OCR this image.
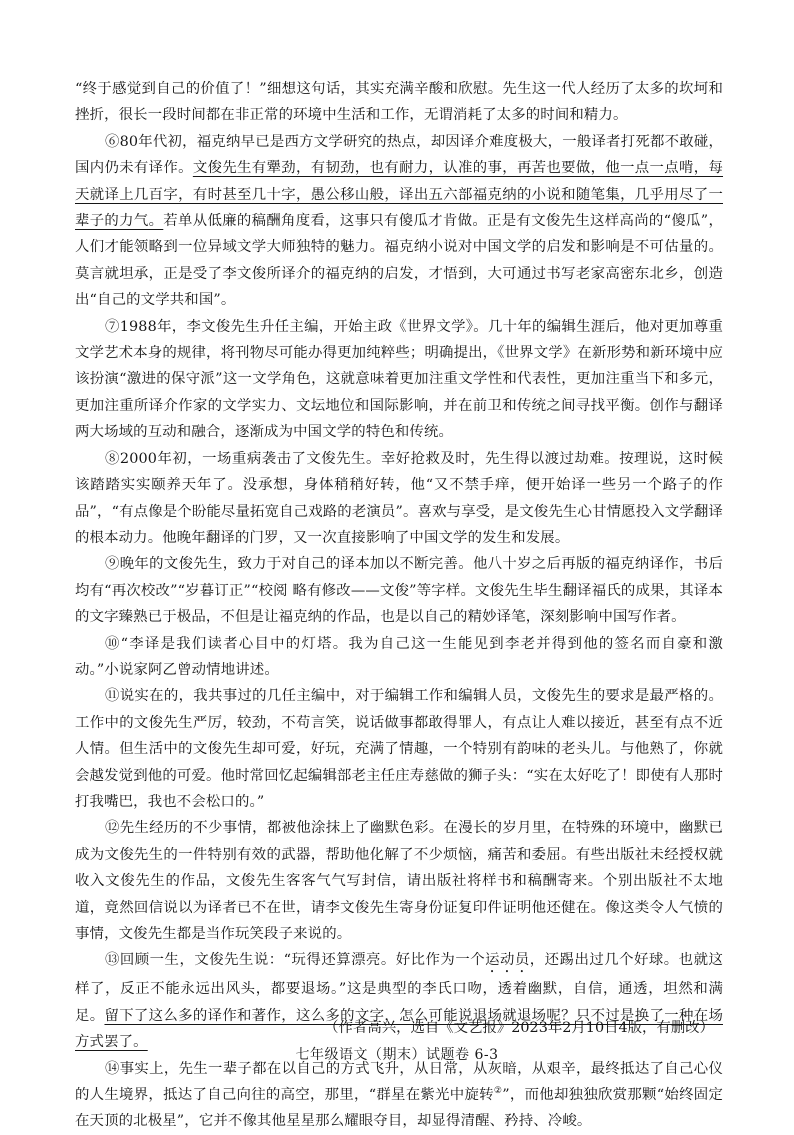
“终于感觉到自己的价值了！”细想这句话，其实充满辛酸和欣慰。先生这一代人经历了太多的坎坷和挫折，很长一段时间都在非正常的环境中生活和工作，无谓消耗了太多的时间和精力。

⑥80年代初，福克纳早已是西方文学研究的热点，却因译介难度极大，一般译者打死都不敢碰，国内仍未有译作。文俊先生有犟劲，有韧劲，也有耐力，认准的事，再苦也要做，他一点一点啃，每天就译上几百字，有时甚至几十字，愚公移山般，译出五六部福克纳的小说和随笔集，几乎用尽了一辈子的力气。若单从低廉的稿酬角度看，这事只有傻瓜才肯做。正是有文俊先生这样高尚的“傻瓜”，人们才能领略到一位异域文学大师独特的魅力。福克纳小说对中国文学的启发和影响是不可估量的。莫言就坦承，正是受了李文俊所译介的福克纳的启发，才悟到，大可通过书写老家高密东北乡，创造出“自己的文学共和国”。

⑦1988年，李文俊先生升任主编，开始主政《世界文学》。几十年的编辑生涯后，他对更加尊重文学艺术本身的规律，将刊物尽可能办得更加纯粹些；明确提出，《世界文学》在新形势和新环境中应该扮演“激进的保守派”这一文学角色，这就意味着更加注重文学性和代表性，更加注重当下和多元，更加注重所译介作家的文学实力、文坛地位和国际影响，并在前卫和传统之间寻找平衡。创作与翻译两大场域的互动和融合，逐渐成为中国文学的特色和传统。

⑧2000年初，一场重病袭击了文俊先生。幸好抢救及时，先生得以渡过劫难。按理说，这时候该踏踏实实颐养天年了。没承想，身体稍稍好转，他“又不禁手痒，便开始译一些另一个路子的作品”，“有点像是个盼能尽量拓宽自己戏路的老演员”。喜欢与享受，是文俊先生心甘情愿投入文学翻译的根本动力。他晚年翻译的门罗，又一次直接影响了中国文学的发生和发展。

⑨晚年的文俊先生，致力于对自己的译本加以不断完善。他八十岁之后再版的福克纳译作，书后均有“再次校改”“岁暮订正”“校阅 略有修改——文俊”等字样。文俊先生毕生翻译福氏的成果，其译本的文字臻熟已于极品，不但是让福克纳的作品，也是以自己的精妙译笔，深刻影响中国写作者。

⑩“李译是我们读者心目中的灯塔。我为自己这一生能见到李老并得到他的签名而自豪和激动。”小说家阿乙曾动情地讲述。

⑪说实在的，我共事过的几任主编中，对于编辑工作和编辑人员，文俊先生的要求是最严格的。工作中的文俊先生严厉，较劲，不苟言笑，说话做事都敢得罪人，有点让人难以接近，甚至有点不近人情。但生活中的文俊先生却可爱，好玩，充满了情趣，一个特别有韵味的老头儿。与他熟了，你就会越发觉到他的可爱。他时常回忆起编辑部老主任庄寿慈做的狮子头：“实在太好吃了！即使有人那时打我嘴巴，我也不会松口的。”

⑫先生经历的不少事情，都被他涂抹上了幽默色彩。在漫长的岁月里，在特殊的环境中，幽默已成为文俊先生的一件特别有效的武器，帮助他化解了不少烦恼，痛苦和委屈。有些出版社未经授权就收入文俊先生的作品，文俊先生客客气气写封信，请出版社将样书和稿酬寄来。个别出版社不太地道，竟然回信说以为译者已不在世，请李文俊先生寄身份证复印件证明他还健在。像这类令人气愤的事情，文俊先生都是当作玩笑段子来说的。

⑬回顾一生，文俊先生说：“玩得还算漂亮。好比作为一个运动员，还踢出过几个好球。也就这样了，反正不能永远出风头，都要退场。”这是典型的李氏口吻，透着幽默，自信，通透，坦然和满足。留下了这么多的译作和著作，这么多的文字，怎么可能说退场就退场呢？只不过是换了一种在场方式罢了。

⑭事实上，先生一辈子都在以自己的方式飞升，从日常，从灰暗，从艰辛，最终抵达了自己心仪的人生境界，抵达了自己向往的高空，那里，“群星在紫光中旋转②”，而他却独独欣赏那颗“始终固定在天顶的北极星”，它并不像其他星星那么耀眼夺目，却显得清醒、矜持、冷峻。

（作者高兴，选自《文艺报》2023年2月10日4版，有删改）
七年级语文（期末）试题卷 6-3
